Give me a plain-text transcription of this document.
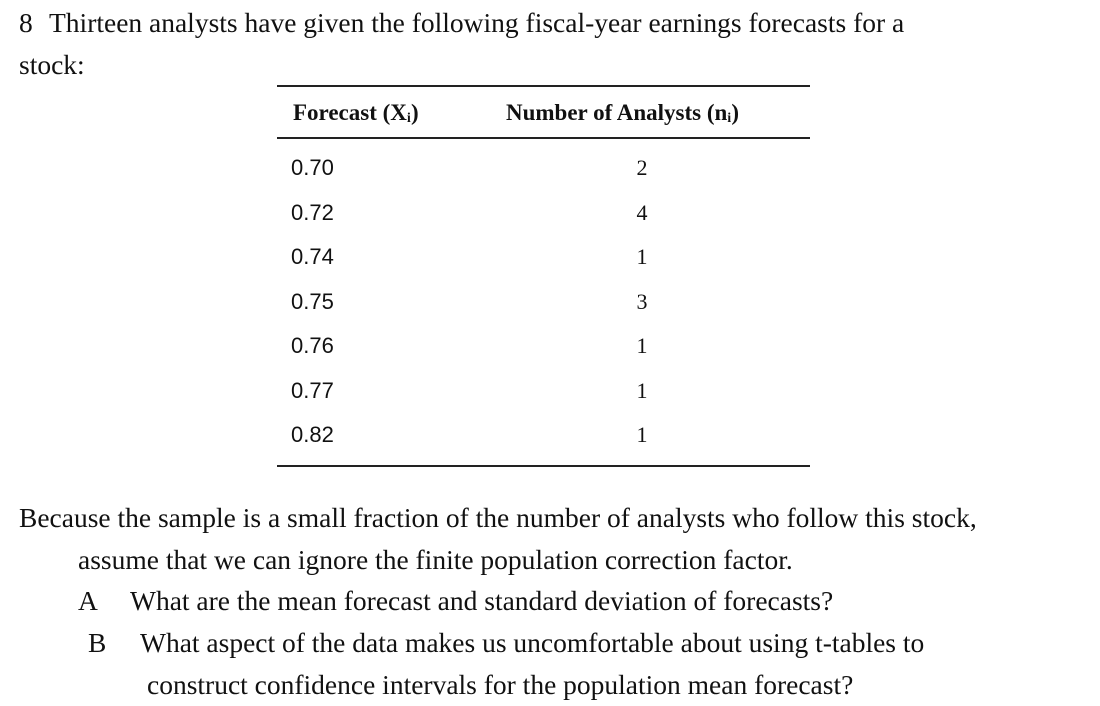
8 Thirteen analysts have given the following fiscal-year earnings forecasts for a
stock:
Forecast (Xᵢ)	Number of Analysts (nᵢ)
0.70	2
0.72	4
0.74	1
0.75	3
0.76	1
0.77	1
0.82	1
Because the sample is a small fraction of the number of analysts who follow this stock,
assume that we can ignore the finite population correction factor.
A What are the mean forecast and standard deviation of forecasts?
B What aspect of the data makes us uncomfortable about using t-tables to
construct confidence intervals for the population mean forecast?
